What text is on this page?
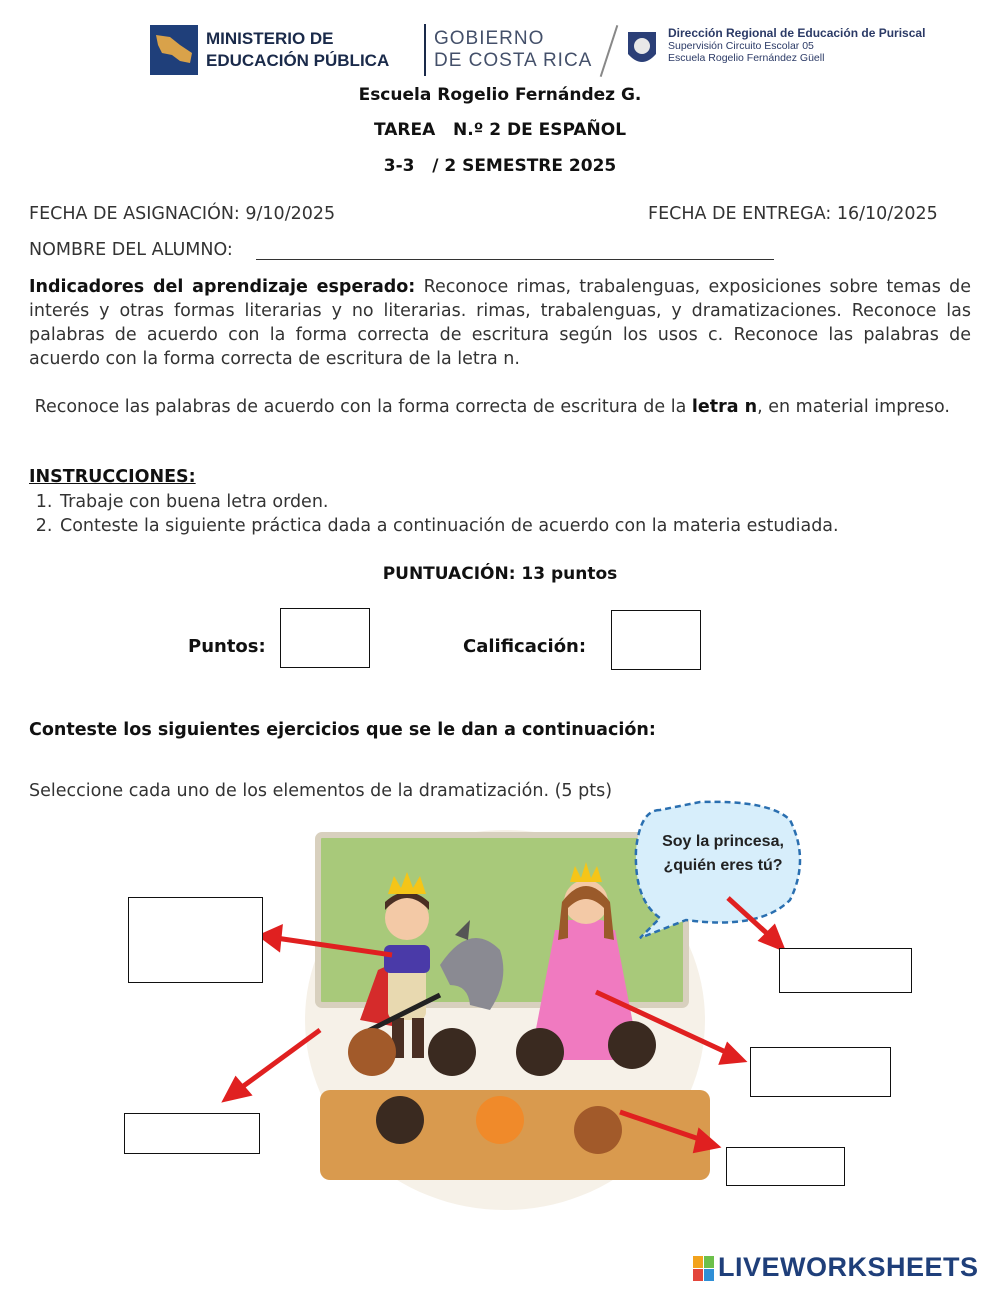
MINISTERIO DE
EDUCACIÓN PÚBLICA
GOBIERNO
DE COSTA RICA
Dirección Regional de Educación de Puriscal
Supervisión Circuito Escolar 05
Escuela Rogelio Fernández Güell
Escuela Rogelio Fernández G.
TAREA   N.º 2 DE ESPAÑOL
3-3   / 2 SEMESTRE 2025
FECHA DE ASIGNACIÓN: 9/10/2025	FECHA DE ENTREGA: 16/10/2025
NOMBRE DEL ALUMNO:
Indicadores del aprendizaje esperado: Reconoce rimas, trabalenguas, exposiciones sobre temas de interés y otras formas literarias y no literarias. rimas, trabalenguas, y dramatizaciones. Reconoce las palabras de acuerdo con la forma correcta de escritura según los usos c. Reconoce las palabras de acuerdo con la forma correcta de escritura de la letra n.
Reconoce las palabras de acuerdo con la forma correcta de escritura de la letra n, en material impreso.
INSTRUCCIONES:
1. Trabaje con buena letra orden.
2. Conteste la siguiente práctica dada a continuación de acuerdo con la materia estudiada.
PUNTUACIÓN: 13 puntos
Puntos:	Calificación:
Conteste los siguientes ejercicios que se le dan a continuación:
Seleccione cada uno de los elementos de la dramatización. (5 pts)
Soy la princesa,
¿quién eres tú?
LIVEWORKSHEETS
